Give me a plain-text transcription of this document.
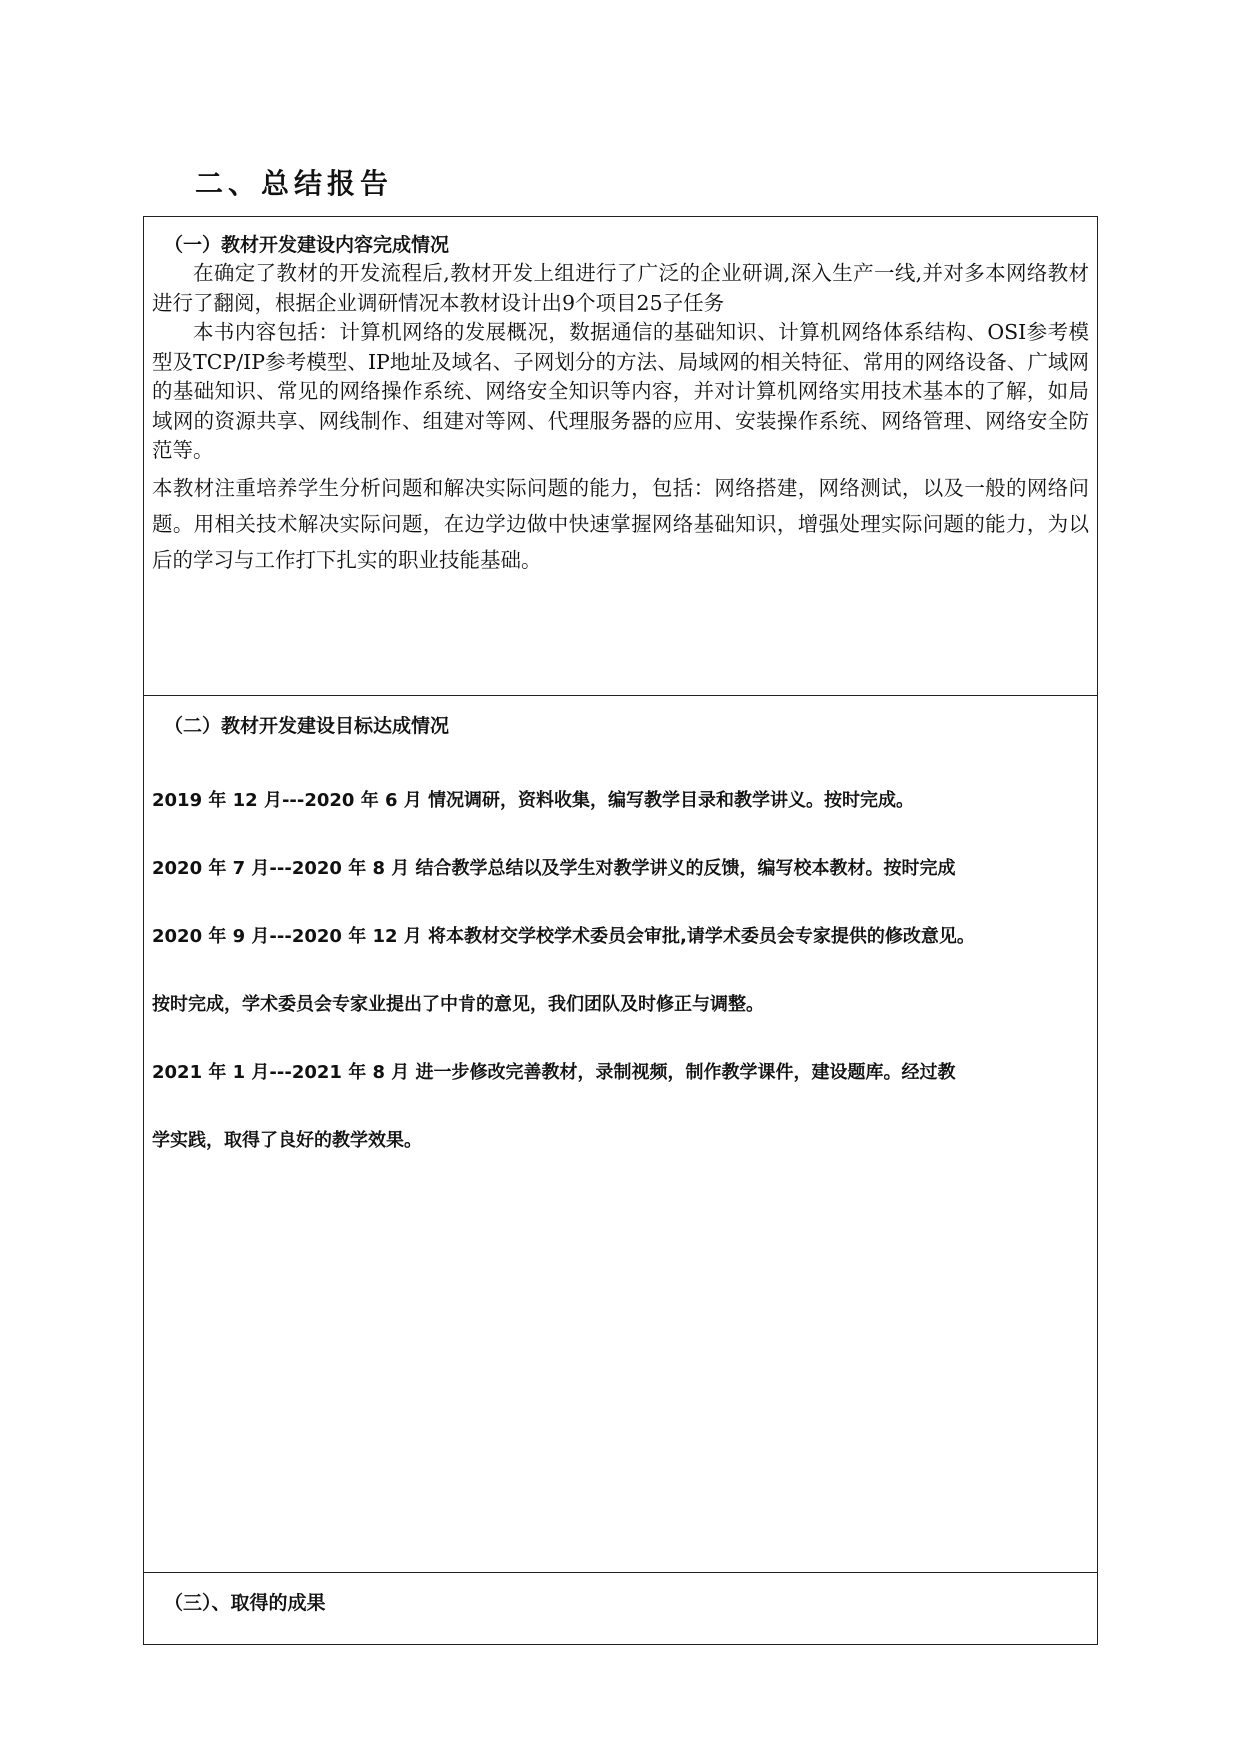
二、总结报告

（一）教材开发建设内容完成情况

在确定了教材的开发流程后,教材开发上组进行了广泛的企业研调,深入生产一线,并对多本网络教材进行了翻阅，根据企业调研情况本教材设计出9个项目25子任务

本书内容包括：计算机网络的发展概况，数据通信的基础知识、计算机网络体系结构、OSI参考模型及TCP/IP参考模型、IP地址及域名、子网划分的方法、局域网的相关特征、常用的网络设备、广域网的基础知识、常见的网络操作系统、网络安全知识等内容，并对计算机网络实用技术基本的了解，如局域网的资源共享、网线制作、组建对等网、代理服务器的应用、安装操作系统、网络管理、网络安全防范等。

本教材注重培养学生分析问题和解决实际问题的能力，包括：网络搭建，网络测试，以及一般的网络问题。用相关技术解决实际问题，在边学边做中快速掌握网络基础知识，增强处理实际问题的能力，为以后的学习与工作打下扎实的职业技能基础。

（二）教材开发建设目标达成情况

2019 年 12 月---2020 年 6 月 情况调研，资料收集，编写教学目录和教学讲义。按时完成。

2020 年 7 月---2020 年 8 月 结合教学总结以及学生对教学讲义的反馈，编写校本教材。按时完成

2020 年 9 月---2020 年 12 月 将本教材交学校学术委员会审批,请学术委员会专家提供的修改意见。

按时完成，学术委员会专家业提出了中肯的意见，我们团队及时修正与调整。

2021 年 1 月---2021 年 8 月 进一步修改完善教材，录制视频，制作教学课件，建设题库。经过教

学实践，取得了良好的教学效果。

（三）、取得的成果
